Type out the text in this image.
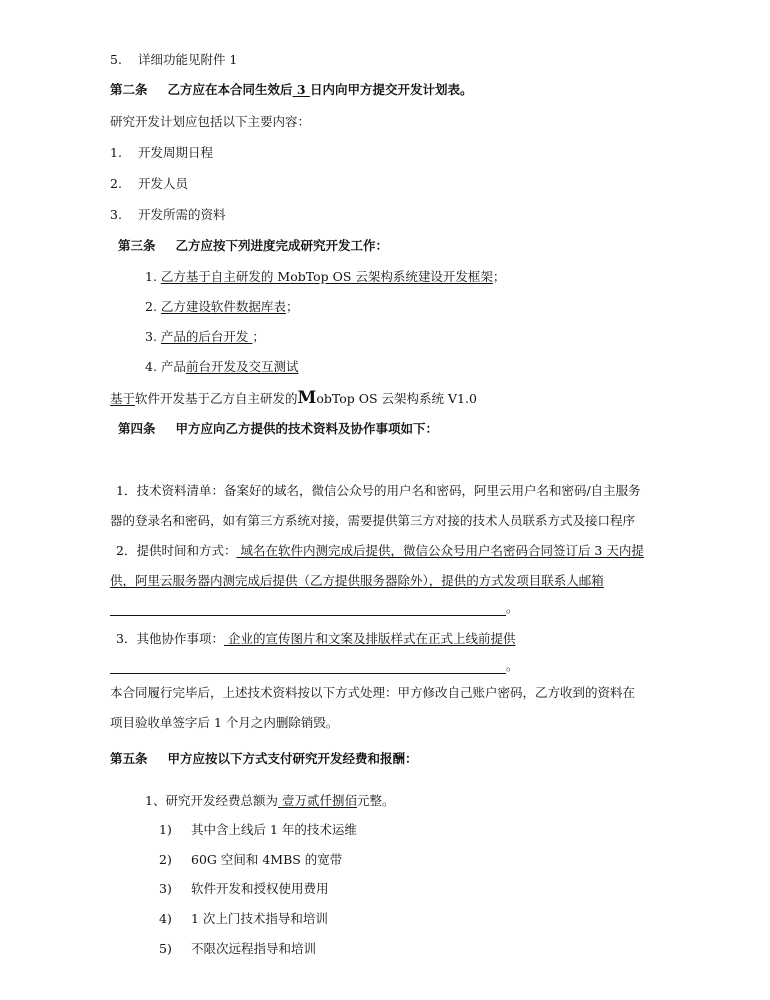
5. 详细功能见附件 1
第二条 乙方应在本合同生效后 3 日内向甲方提交开发计划表。
研究开发计划应包括以下主要内容：
1. 开发周期日程
2. 开发人员
3. 开发所需的资料
第三条 乙方应按下列进度完成研究开发工作：
1. 乙方基于自主研发的 MobTop OS 云架构系统建设开发框架；
2. 乙方建设软件数据库表；
3. 产品的后台开发 ；
4. 产品前台开发及交互测试
基于软件开发基于乙方自主研发的MobTop OS 云架构系统 V1.0
第四条 甲方应向乙方提供的技术资料及协作事项如下：
1．技术资料清单：备案好的域名，微信公众号的用户名和密码，阿里云用户名和密码/自主服务
器的登录名和密码，如有第三方系统对接，需要提供第三方对接的技术人员联系方式及接口程序
2．提供时间和方式： 域名在软件内测完成后提供，微信公众号用户名密码合同签订后 3 天内提
供，阿里云服务器内测完成后提供（乙方提供服务器除外），提供的方式发项目联系人邮箱
。
3．其他协作事项： 企业的宣传图片和文案及排版样式在正式上线前提供
。
本合同履行完毕后，上述技术资料按以下方式处理：甲方修改自己账户密码，乙方收到的资料在
项目验收单签字后 1 个月之内删除销毁。
第五条 甲方应按以下方式支付研究开发经费和报酬：
1、研究开发经费总额为 壹万贰仟捌佰元整。
1) 其中含上线后 1 年的技术运维
2) 60G 空间和 4MBS 的宽带
3) 软件开发和授权使用费用
4) 1 次上门技术指导和培训
5) 不限次远程指导和培训
